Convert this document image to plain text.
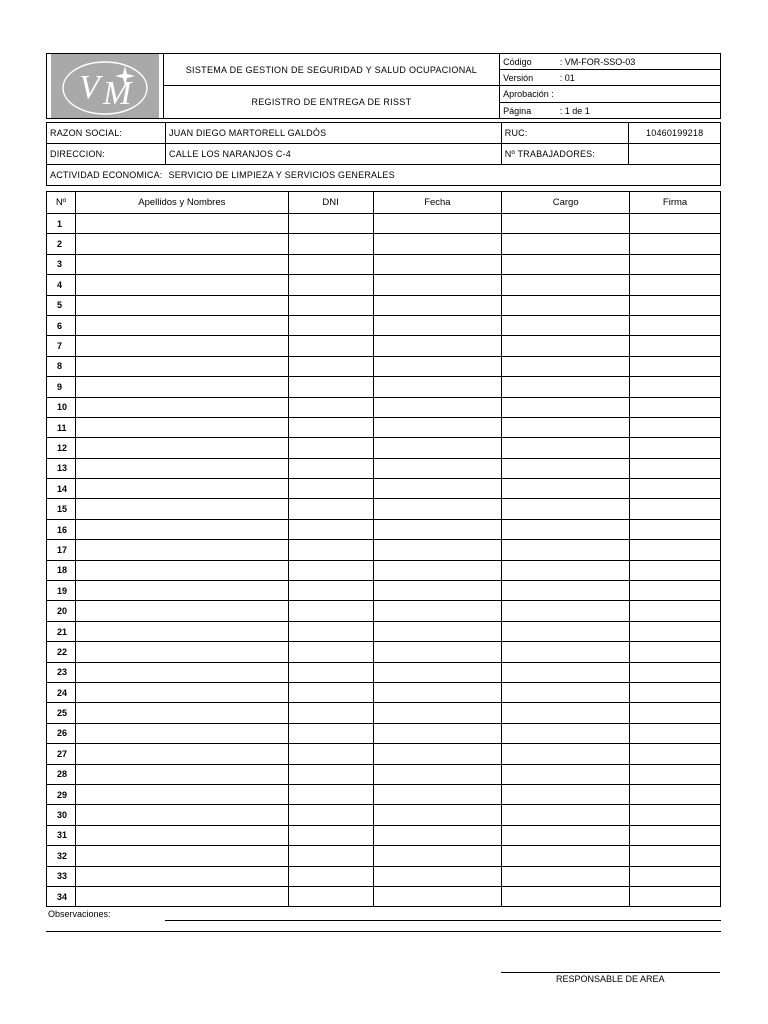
V M	SISTEMA DE GESTION DE SEGURIDAD Y SALUD OCUPACIONAL	Código	: VM-FOR-SSO-03
		Versión	: 01
	REGISTRO DE ENTREGA DE RISST	Aprobación :	
		Página	: 1 de 1
RAZON SOCIAL:	JUAN DIEGO MARTORELL GALDÓS	RUC:	10460199218
DIRECCION:	CALLE LOS NARANJOS C-4	Nº TRABAJADORES:	
ACTIVIDAD ECONOMICA:	SERVICIO DE LIMPIEZA Y SERVICIOS GENERALES		
Nº	Apellidos y Nombres	DNI	Fecha	Cargo	Firma
1					
2					
3					
4					
5					
6					
7					
8					
9					
10					
11					
12					
13					
14					
15					
16					
17					
18					
19					
20					
21					
22					
23					
24					
25					
26					
27					
28					
29					
30					
31					
32					
33					
34					
Observaciones:
RESPONSABLE DE AREA
